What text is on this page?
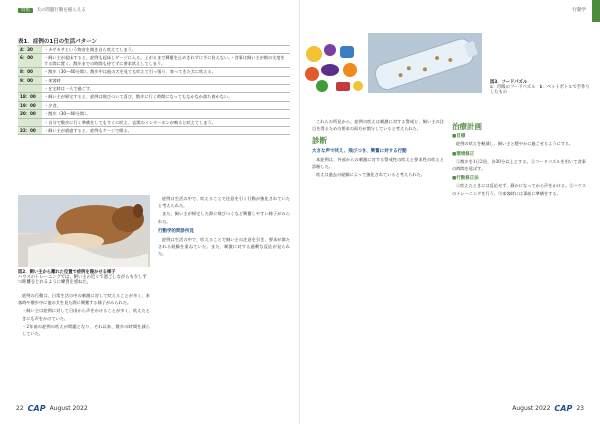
特集 犬の問題行動を捕らえる
表1．症例の1日の生活パターン
4：30	・カサカサという物音を聞き自ら吠えてしまう。
6：00	・飼い主が起床すると、症例も起床しゲージに入る。上がるまで興奮を止めきれずに手に負えない。・食事は飼い主が朝の支度をする間に置く。散歩までの時間も待てずに要求吠えしてしまう。
8：00	・散歩（30〜40分間）。散歩中は他の犬を見ても吠えて引っ張り、寄ってきた犬に吠える。
9：00	・来客時
	・在宅時は一人で過ごす。
18：00	・飼い主が帰宅すると、症例は飛びついて喜び、散歩に行く時間になってもなかなか落ち着かない。
19：00	・夕食。
20：00	・散歩（30〜40分間）。
	・自分で散歩に行く準備をしてもすぐに吠え、玄関のインターホンが鳴ると吠えてしまう。
22：00	・飼い主が就寝すると、症例もケージで眠る。
図2．飼い主から離れた位置で症例を寝かせる様子
ハウスのトレーニングでは、飼い主の近くで過ごしながらも少しずつ距離をとれるように練習を重ねた。

症例の行動は、日常生活の中の刺激に対して吠えることが多く、来客時や散歩中に他の犬を見た際に興奮する様子がみられた。

・飼い主は症例に対して日頃から声をかけることが多く、吠えたときにも声をかけていた。

・2年前の症例の吠えが問題となり、それ以来、散歩の時間を減らしていた。

症例は生活の中で、吠えることで注意を引く行動が強化されていたと考えられた。

また、飼い主が帰宅した際に飛びつくなど興奮しやすい様子がみられた。

行動学的問診所見

症例は生活の中で、吠えることで飼い主の注意を引き、要求が満たされる経験を重ねていた。また、刺激に対する過剰な反応が見られた。

22 CAP August 2022
行動学
図3．フードパズル
a：市販のフードパズル　b：ペットボトルで手作りしたもの

これらの所見から、症例の吠えは刺激に対する警戒と、飼い主の注目を得るための要求の両方が関与していると考えられた。

診断
大きな声で吠え、飛びつき、興奮に対する行動

本症例は、外部からの刺激に対する警戒性の吠えと要求性の吠えと診断した。

吠えは過去の経験によって強化されていると考えられた。

治療計画
■目標

症例の吠えを軽減し、飼い主と穏やかに過ごせるようにする。

■環境修正

①散歩を1日2回、各30分以上とする。②フードパズルを用いて食事の時間を延ばす。

■行動修正法

①吠えたときには反応せず、静かになってから声をかける。②ハウスのトレーニングを行う。③来客時には事前に準備をする。

August 2022 CAP 23
